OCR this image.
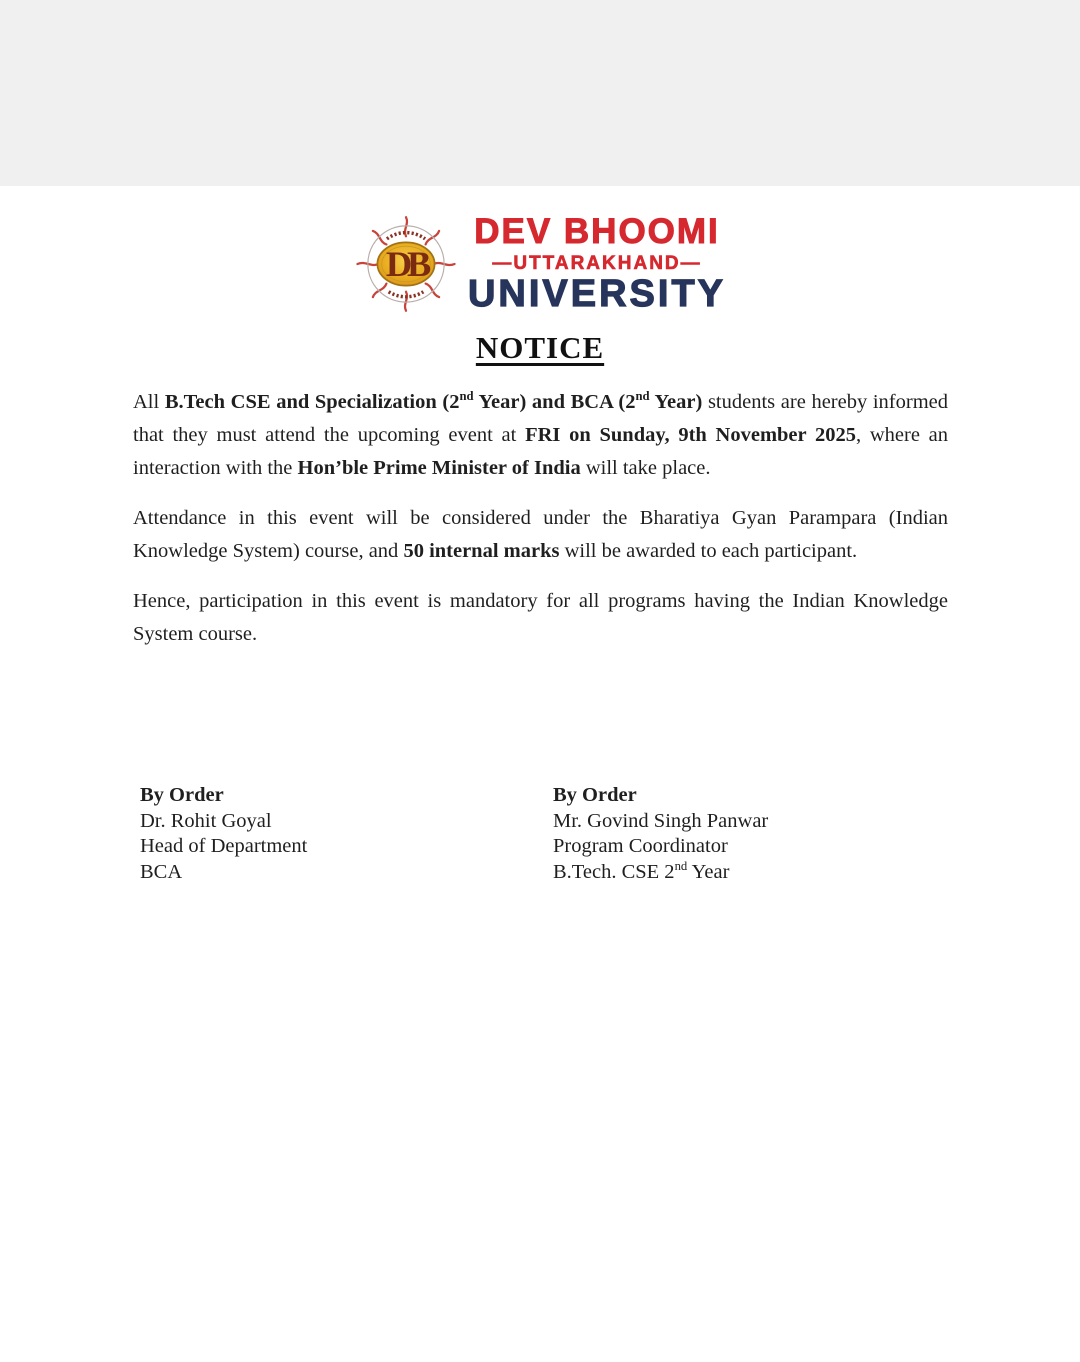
DB
DEV BHOOMI
—UTTARAKHAND—
UNIVERSITY
NOTICE

All B.Tech CSE and Specialization (2nd Year) and BCA (2nd Year) students are hereby informed that they must attend the upcoming event at FRI on Sunday, 9th November 2025, where an interaction with the Hon’ble Prime Minister of India will take place.

Attendance in this event will be considered under the Bharatiya Gyan Parampara (Indian Knowledge System) course, and 50 internal marks will be awarded to each participant.

Hence, participation in this event is mandatory for all programs having the Indian Knowledge System course.

By Order
Dr. Rohit Goyal
Head of Department
BCA
By Order
Mr. Govind Singh Panwar
Program Coordinator
B.Tech. CSE 2nd Year
